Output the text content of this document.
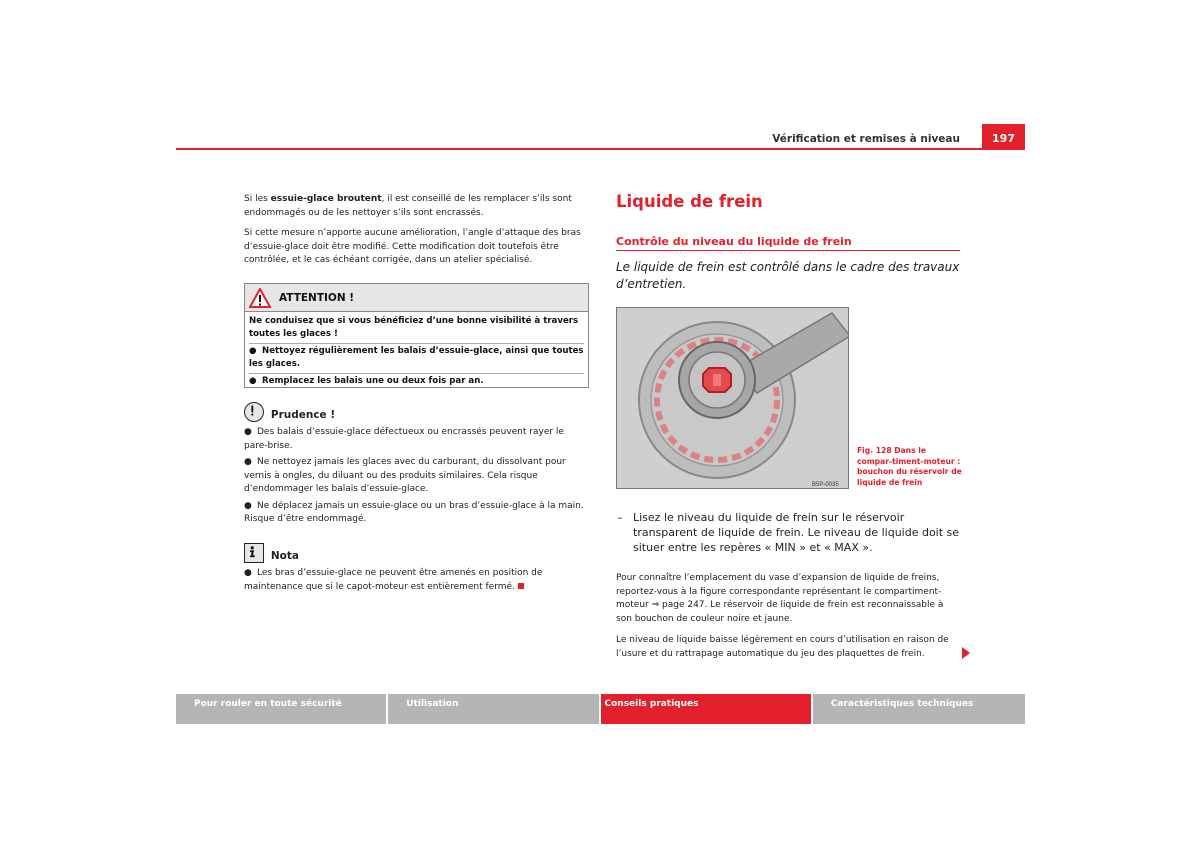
Vérification et remises à niveau	197

Si les essuie-glace broutent, il est conseillé de les remplacer s’ils sont endommagés ou de les nettoyer s’ils sont encrassés.

Si cette mesure n’apporte aucune amélioration, l’angle d’attaque des bras d’essuie-glace doit être modifié. Cette modification doit toutefois être contrôlée, et le cas échéant corrigée, dans un atelier spécialisé.

ATTENTION !
Ne conduisez que si vous bénéficiez d’une bonne visibilité à travers toutes les glaces !
● Nettoyez régulièrement les balais d’essuie-glace, ainsi que toutes les glaces.
● Remplacez les balais une ou deux fois par an.
Prudence !

● Des balais d’essuie-glace défectueux ou encrassés peuvent rayer le pare-brise.

● Ne nettoyez jamais les glaces avec du carburant, du dissolvant pour vernis à ongles, du diluant ou des produits similaires. Cela risque d’endommager les balais d’essuie-glace.

● Ne déplacez jamais un essuie-glace ou un bras d’essuie-glace à la main. Risque d’être endommagé.

Nota

● Les bras d’essuie-glace ne peuvent être amenés en position de maintenance que si le capot-moteur est entièrement fermé.

Liquide de frein
Contrôle du niveau du liquide de frein
Le liquide de frein est contrôlé dans le cadre des travaux d’entretien.
B5P-0035
Fig. 128 Dans le compar-timent-moteur : bouchon du réservoir de liquide de frein
– Lisez le niveau du liquide de frein sur le réservoir transparent de liquide de frein. Le niveau de liquide doit se situer entre les repères « MIN » et « MAX ».
Pour connaître l’emplacement du vase d’expansion de liquide de freins, reportez-vous à la figure correspondante représentant le compartiment-moteur ⇒ page 247. Le réservoir de liquide de frein est reconnaissable à son bouchon de couleur noire et jaune.
Le niveau de liquide baisse légèrement en cours d’utilisation en raison de l’usure et du rattrapage automatique du jeu des plaquettes de frein.
Pour rouler en toute sécurité	Utilisation	Conseils pratiques	Caractéristiques techniques
